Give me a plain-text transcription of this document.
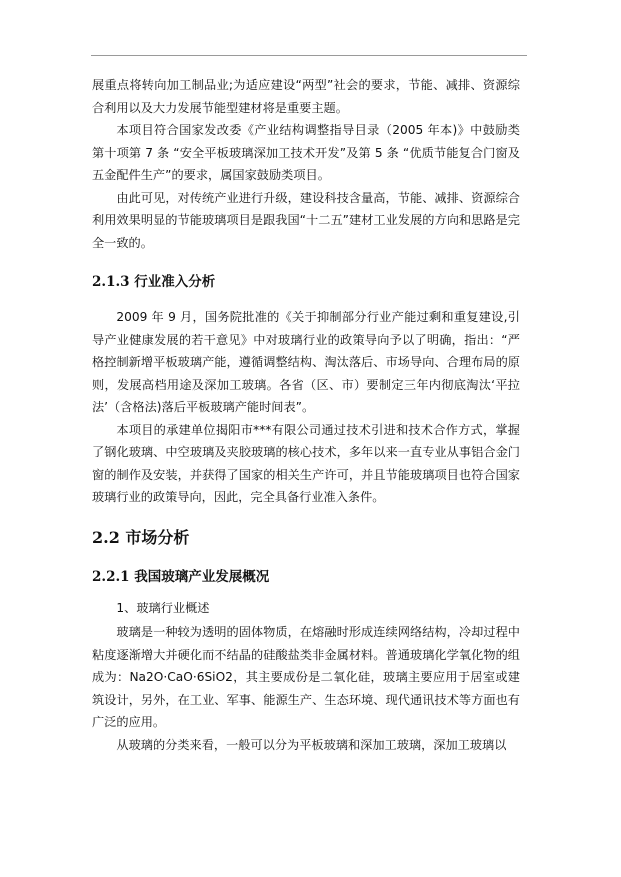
展重点将转向加工制品业;为适应建设“两型”社会的要求，节能、减排、资源综合利用以及大力发展节能型建材将是重要主题。

本项目符合国家发改委《产业结构调整指导目录（2005 年本)》中鼓励类第十项第 7 条 “安全平板玻璃深加工技术开发”及第 5 条 “优质节能复合门窗及五金配件生产”的要求，属国家鼓励类项目。

由此可见，对传统产业进行升级，建设科技含量高，节能、减排、资源综合利用效果明显的节能玻璃项目是跟我国“十二五”建材工业发展的方向和思路是完全一致的。

2.1.3 行业准入分析

2009 年 9 月，国务院批准的《关于抑制部分行业产能过剩和重复建设,引导产业健康发展的若干意见》中对玻璃行业的政策导向予以了明确，指出：“严格控制新增平板玻璃产能，遵循调整结构、淘汰落后、市场导向、合理布局的原则，发展高档用途及深加工玻璃。各省（区、市）要制定三年内彻底淘汰‘平拉法’（含格法)落后平板玻璃产能时间表”。

本项目的承建单位揭阳市***有限公司通过技术引进和技术合作方式，掌握了钢化玻璃、中空玻璃及夹胶玻璃的核心技术，多年以来一直专业从事铝合金门窗的制作及安装，并获得了国家的相关生产许可，并且节能玻璃项目也符合国家玻璃行业的政策导向，因此，完全具备行业准入条件。

2.2 市场分析
2.2.1 我国玻璃产业发展概况

1、玻璃行业概述

玻璃是一种较为透明的固体物质，在熔融时形成连续网络结构，冷却过程中粘度逐渐增大并硬化而不结晶的硅酸盐类非金属材料。普通玻璃化学氧化物的组成为：Na2O·CaO·6SiO2，其主要成份是二氧化硅，玻璃主要应用于居室或建筑设计，另外，在工业、军事、能源生产、生态环境、现代通讯技术等方面也有广泛的应用。

从玻璃的分类来看，一般可以分为平板玻璃和深加工玻璃，深加工玻璃以
